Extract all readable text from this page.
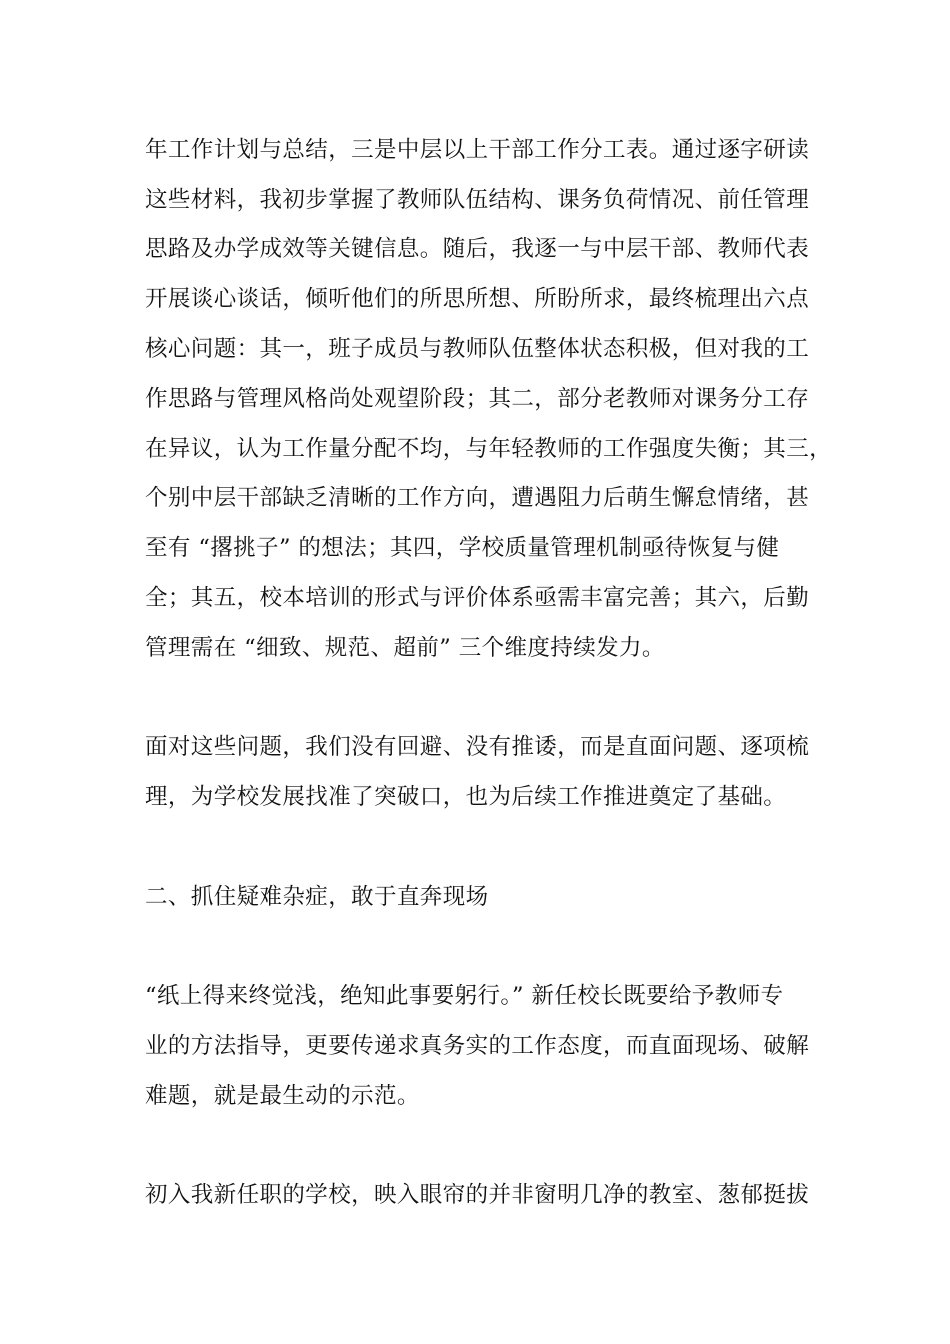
年工作计划与总结，三是中层以上干部工作分工表。通过逐字研读
这些材料，我初步掌握了教师队伍结构、课务负荷情况、前任管理
思路及办学成效等关键信息。随后，我逐一与中层干部、教师代表
开展谈心谈话，倾听他们的所思所想、所盼所求，最终梳理出六点
核心问题：其一，班子成员与教师队伍整体状态积极，但对我的工
作思路与管理风格尚处观望阶段；其二，部分老教师对课务分工存
在异议，认为工作量分配不均，与年轻教师的工作强度失衡；其三，
个别中层干部缺乏清晰的工作方向，遭遇阻力后萌生懈怠情绪，甚
至有 “撂挑子” 的想法；其四，学校质量管理机制亟待恢复与健
全；其五，校本培训的形式与评价体系亟需丰富完善；其六，后勤
管理需在 “细致、规范、超前” 三个维度持续发力。
面对这些问题，我们没有回避、没有推诿，而是直面问题、逐项梳
理，为学校发展找准了突破口，也为后续工作推进奠定了基础。
二、抓住疑难杂症，敢于直奔现场
“纸上得来终觉浅，绝知此事要躬行。” 新任校长既要给予教师专
业的方法指导，更要传递求真务实的工作态度，而直面现场、破解
难题，就是最生动的示范。
初入我新任职的学校，映入眼帘的并非窗明几净的教室、葱郁挺拔
